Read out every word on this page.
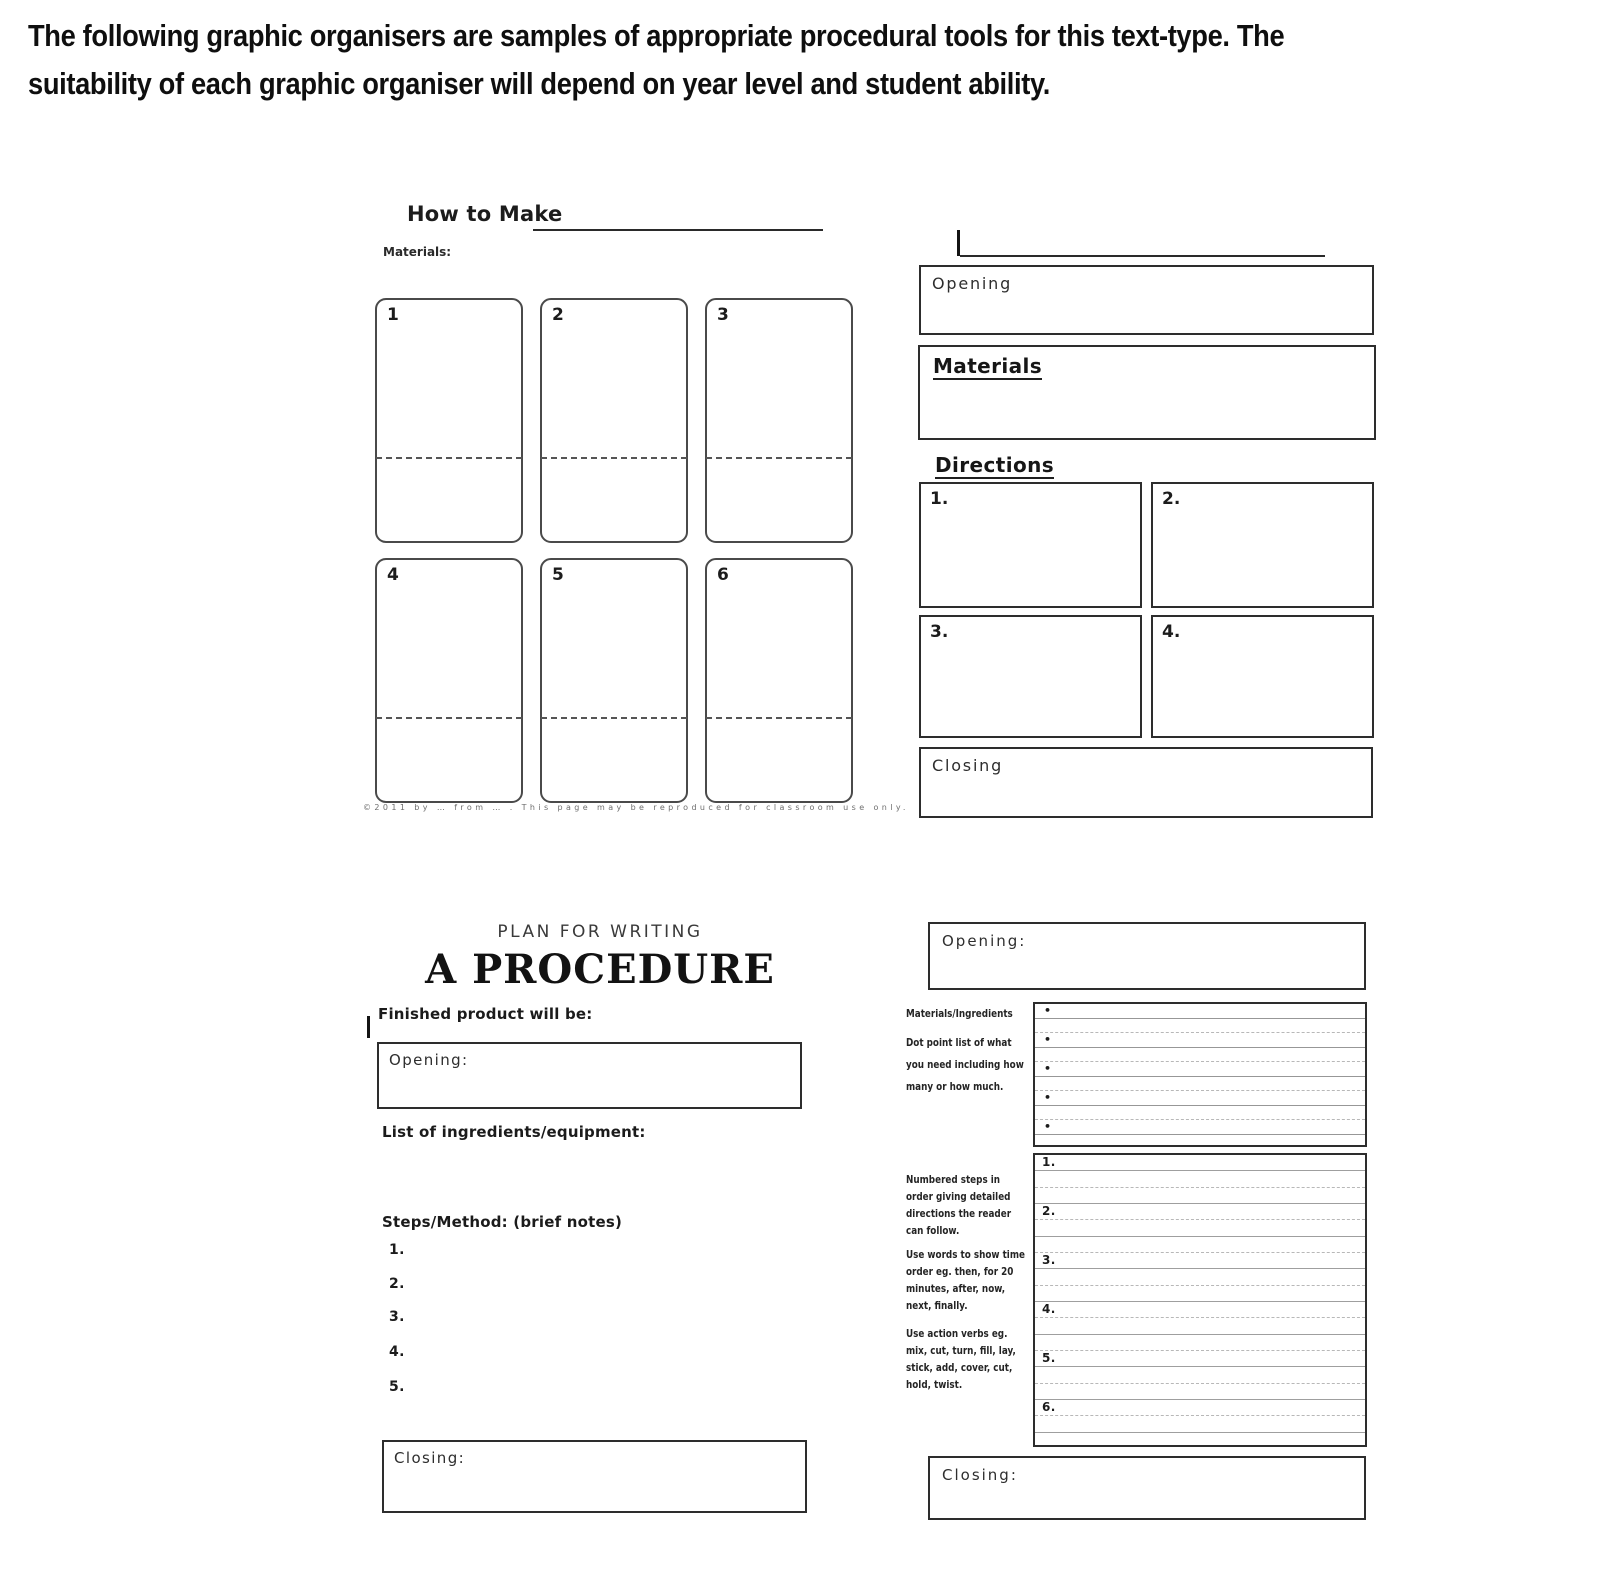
The following graphic organisers are samples of appropriate procedural tools for this text-type. The
suitability of each graphic organiser will depend on year level and student ability.
How to Make
Materials:
1	2	3
4	5	6
©2011 by … from … . This page may be reproduced for classroom use only.
Opening
Materials
Directions
1.	2.
3.	4.
Closing
PLAN FOR WRITING
A PROCEDURE
Finished product will be:
Opening:
List of ingredients/equipment:
Steps/Method: (brief notes)
1.
2.
3.
4.
5.
Closing:
Opening:
Materials/Ingredients
Dot point list of what
you need including how
many or how much.
•
•
•
•
•
Numbered steps in
order giving detailed
directions the reader
can follow.
Use words to show time
order eg. then, for 20
minutes, after, now,
next, finally.
Use action verbs eg.
mix, cut, turn, fill, lay,
stick, add, cover, cut,
hold, twist.
1.
2.
3.
4.
5.
6.
Closing:
